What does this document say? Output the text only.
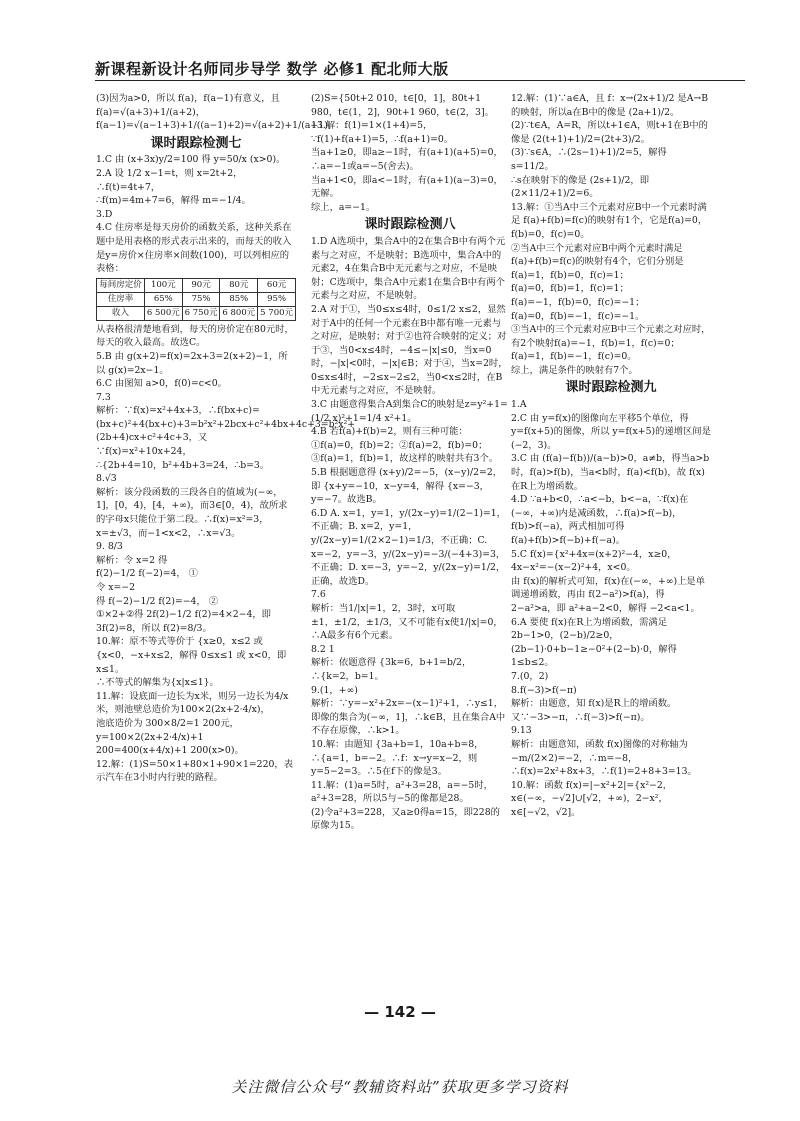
新课程新设计名师同步导学 数学 必修1 配北师大版

(3)因为a>0，所以 f(a)，f(a−1)有意义，且 f(a)=√(a+3)+1/(a+2)，
f(a−1)=√(a−1+3)+1/((a−1)+2)=√(a+2)+1/(a+1)。

课时跟踪检测七

1.C 由 (x+3x)y/2=100 得 y=50/x (x>0)。
2.A 设 1/2 x−1=t，则 x=2t+2，∴f(t)=4t+7，
∴f(m)=4m+7=6，解得 m=−1/4。
3.D
4.C 住房率是每天房价的函数关系，这种关系在题中是用表格的形式表示出来的，而每天的收入是y=房价×住房率×间数(100)，可以列相应的表格：

每间房定价	100元	90元	80元	60元
住房率	65%	75%	85%	95%
收入	6 500元	6 750元	6 800元	5 700元

从表格很清楚地看到，每天的房价定在80元时，每天的收入最高。故选C。
5.B 由 g(x+2)=f(x)=2x+3=2(x+2)−1，所以 g(x)=2x−1。
6.C 由图知 a>0，f(0)=c<0。
7.3
解析：∵f(x)=x²+4x+3，∴f(bx+c)=(bx+c)²+4(bx+c)+3=b²x²+2bcx+c²+4bx+4c+3=b²x²+(2b+4)cx+c²+4c+3，又∵f(x)=x²+10x+24，
∴{2b+4=10，b²+4b+3=24，∴b=3。
8.√3
解析：该分段函数的三段各自的值域为(−∞，1]，[0，4)，[4，+∞)，而3∈[0，4)，故所求的字母x只能位于第二段。∴f(x)=x²=3，x=±√3，而−1<x<2，∴x=√3。
9. 8/3
解析：令 x=2 得
f(2)−1/2 f(−2)=4， ①
令 x=−2
得 f(−2)−1/2 f(2)=−4， ②
①×2+②得 2f(2)−1/2 f(2)=4×2−4，即 3f(2)=8，所以 f(2)=8/3。
10.解：原不等式等价于 {x≥0，x≤2 或 {x<0，−x+x≤2，解得 0≤x≤1 或 x<0，即 x≤1。
∴不等式的解集为{x|x≤1}。
11.解：设底面一边长为x米，则另一边长为4/x米，则池壁总造价为100×2(2x+2·4/x)，
池底造价为 300×8/2=1 200元，
y=100×2(2x+2·4/x)+1 200=400(x+4/x)+1 200(x>0)。
12.解：(1)S=50×1+80×1+90×1=220，表示汽车在3小时内行驶的路程。

(2)S={50t+2 010，t∈[0，1]，80t+1 980，t∈(1，2]，90t+1 960，t∈(2，3]。
13.解：f(1)=1×(1+4)=5，
∵f(1)+f(a+1)=5，∴f(a+1)=0。
当a+1≥0，即a≥−1时，有(a+1)(a+5)=0，∴a=−1或a=−5(舍去)。
当a+1<0，即a<−1时，有(a+1)(a−3)=0，无解。
综上，a=−1。

课时跟踪检测八

1.D A选项中，集合A中的2在集合B中有两个元素与之对应，不是映射；B选项中，集合A中的元素2，4在集合B中无元素与之对应，不是映射；C选项中，集合A中元素1在集合B中有两个元素与之对应，不是映射。
2.A 对于①，当0≤x≤4时，0≤1/2 x≤2，显然对于A中的任何一个元素在B中都有唯一元素与之对应，是映射；对于②也符合映射的定义；对于③，当0<x≤4时，−4≤−|x|≤0，当x=0时，−|x|<0时，−|x|∈B；对于④，当x=2时，0≤x≤4时，−2≤x−2≤2，当0<x≤2时，在B中无元素与之对应，不是映射。
3.C 由题意得集合A到集合C的映射是z=y²+1=(1/2 x)²+1=1/4 x²+1。
4.B 若f(a)+f(b)=2，则有三种可能：①f(a)=0，f(b)=2；②f(a)=2，f(b)=0；③f(a)=1，f(b)=1，故这样的映射共有3个。
5.B 根据题意得 (x+y)/2=−5，(x−y)/2=2，
即 {x+y=−10，x−y=4，解得 {x=−3，y=−7。故选B。
6.D A. x=1，y=1，y/(2x−y)=1/(2−1)=1，不正确；B. x=2，y=1，y/(2x−y)=1/(2×2−1)=1/3，不正确；C. x=−2，y=−3，y/(2x−y)=−3/(−4+3)=3，不正确；D. x=−3，y=−2，y/(2x−y)=1/2，正确，故选D。
7.6
解析：当1/|x|=1，2，3时，x可取±1，±1/2，±1/3，又不可能有x使1/|x|=0，∴A最多有6个元素。
8.2 1
解析：依题意得 {3k=6，b+1=b/2，∴{k=2，b=1。
9.(1，+∞)
解析：∵y=−x²+2x=−(x−1)²+1，∴y≤1，即像的集合为(−∞，1]，∴k∈B，且在集合A中不存在原像，∴k>1。
10.解：由题知 {3a+b=1，10a+b=8，∴{a=1，b=−2。∴f：x→y=x−2，则 y=5−2=3。∴5在f下的像是3。
11.解：(1)a=5时，a²+3=28，a=−5时，a²+3=28，所以5与−5的像都是28。
(2)令a²+3=228，又a≥0得a=15，即228的原像为15。

12.解：(1)∵a∈A，且 f：x→(2x+1)/2 是A→B的映射，所以a在B中的像是 (2a+1)/2。
(2)∵t∈A，A=R，所以t+1∈A，则t+1在B中的像是 (2(t+1)+1)/2=(2t+3)/2。
(3)∵s∈A，∴(2s−1)+1)/2=5，解得 s=11/2。
∴s在映射下的像是 (2s+1)/2，即 (2×11/2+1)/2=6。
13.解：①当A中三个元素对应B中一个元素时满足 f(a)+f(b)=f(c)的映射有1个，它是f(a)=0，f(b)=0，f(c)=0。
②当A中三个元素对应B中两个元素时满足 f(a)+f(b)=f(c)的映射有4个，它们分别是
f(a)=1，f(b)=0，f(c)=1；
f(a)=0，f(b)=1，f(c)=1；
f(a)=−1，f(b)=0，f(c)=−1；
f(a)=0，f(b)=−1，f(c)=−1。
③当A中的三个元素对应B中三个元素之对应时，有2个映射f(a)=−1，f(b)=1，f(c)=0；
f(a)=1，f(b)=−1，f(c)=0。
综上，满足条件的映射有7个。

课时跟踪检测九

1.A
2.C 由 y=f(x)的图像向左平移5个单位，得 y=f(x+5)的图像，所以 y=f(x+5)的递增区间是(−2，3)。
3.C 由 (f(a)−f(b))/(a−b)>0，a≠b，得当a>b时，f(a)>f(b)，当a<b时，f(a)<f(b)，故 f(x)在R上为增函数。
4.D ∵a+b<0，∴a<−b，b<−a，∵f(x)在(−∞，+∞)内是减函数，∴f(a)>f(−b)，f(b)>f(−a)，两式相加可得 f(a)+f(b)>f(−b)+f(−a)。
5.C f(x)={x²+4x=(x+2)²−4，x≥0，4x−x²=−(x−2)²+4，x<0。
由 f(x)的解析式可知，f(x)在(−∞，+∞)上是单调递增函数，再由 f(2−a²)>f(a)，得 2−a²>a，即 a²+a−2<0，解得 −2<a<1。
6.A 要使 f(x)在R上为增函数，需满足 2b−1>0，(2−b)/2≥0，(2b−1)·0+b−1≥−0²+(2−b)·0，解得 1≤b≤2。
7.(0，2)
8.f(−3)>f(−π)
解析：由题意，知 f(x)是R上的增函数。
又∵−3>−π，∴f(−3)>f(−π)。
9.13
解析：由题意知，函数 f(x)图像的对称轴为 −m/(2×2)=−2，∴m=−8，∴f(x)=2x²+8x+3，∴f(1)=2+8+3=13。
10.解：函数 f(x)=|−x²+2|={x²−2，x∈(−∞，−√2]∪[√2，+∞)，2−x²，x∈[−√2，√2]。

— 142 —
关注微信公众号“教辅资料站”获取更多学习资料
